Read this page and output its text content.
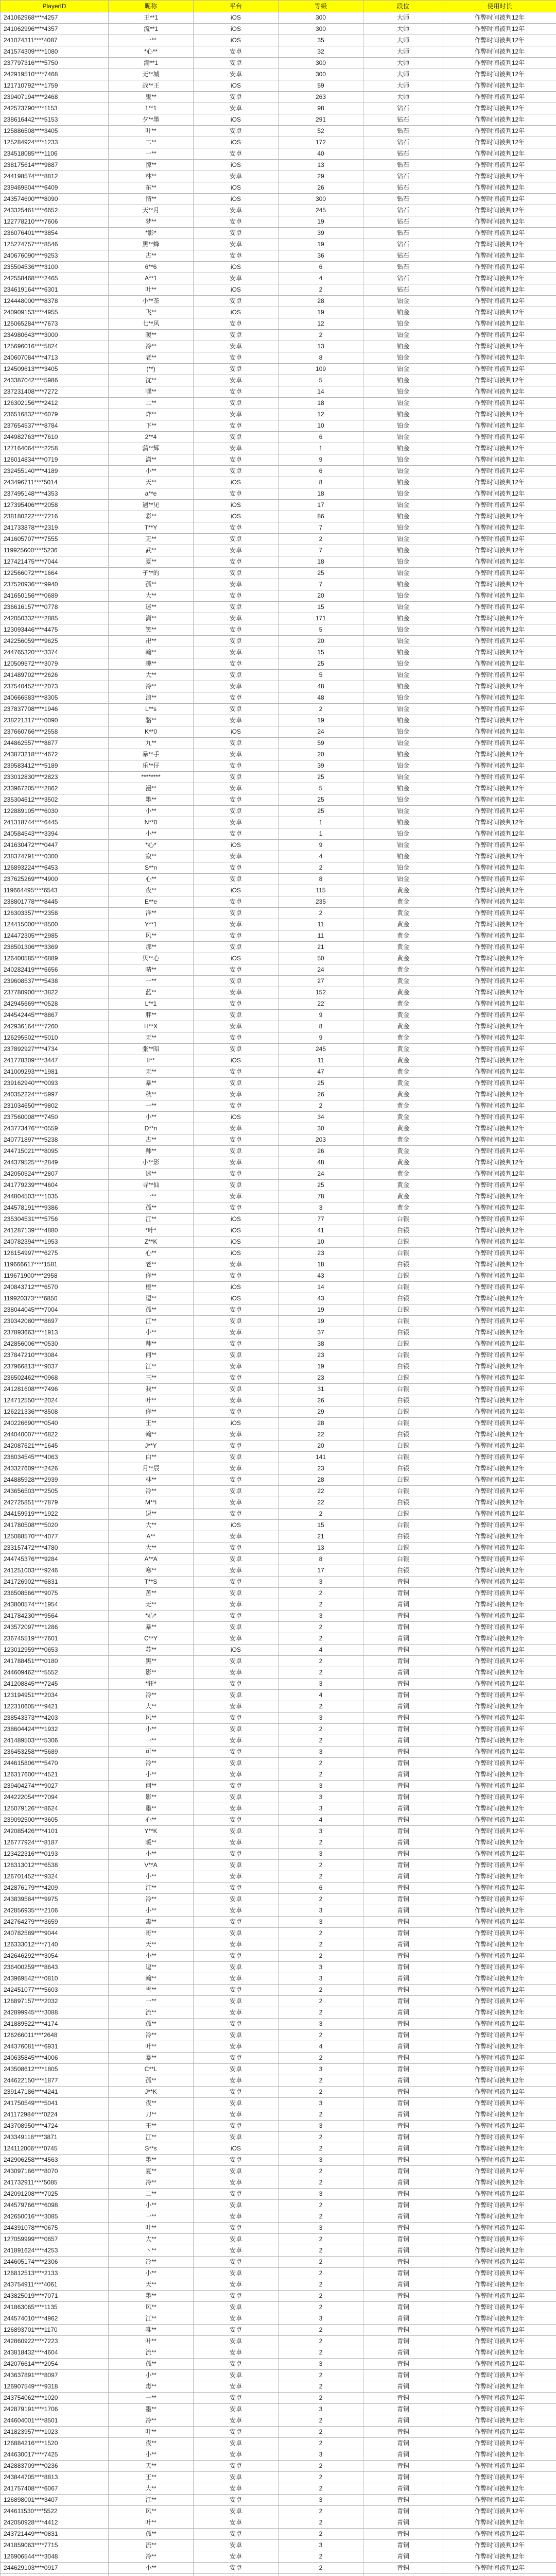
PlayerID	昵称	平台	等级	段位	使用时长
241062968****4257	王**1	iOS	300	大师	作弊时间被判12年
241062996****4357	流**1	iOS	300	大师	作弊时间被判12年
241074311****4087	一**	iOS	35	大师	作弊时间被判12年
241574309****1080	*心**	安卓	32	大师	作弊时间被判12年
237797316****5750	满**1	安卓	300	大师	作弊时间被判12年
242919510****7468	无**城	安卓	300	大师	作弊时间被判12年
121710792****1759	战**王	iOS	59	大师	作弊时间被判12年
239407194****2468	鬼**	安卓	263	大师	作弊时间被判12年
242573790****1153	1**1	安卓	98	钻石	作弊时间被判12年
238616442****5153	夕**墨	iOS	291	钻石	作弊时间被判12年
125886508****3405	叶**	安卓	52	钻石	作弊时间被判12年
125284924****1233	二**	iOS	172	钻石	作弊时间被判12年
234518085****1106	一**	安卓	40	钻石	作弊时间被判12年
238175614****9887	惊**	iOS	13	钻石	作弊时间被判12年
244198574****8812	林**	安卓	29	钻石	作弊时间被判12年
239469504****6409	东**	iOS	26	钻石	作弊时间被判12年
243574600****8090	情**	iOS	300	钻石	作弊时间被判12年
243325461****6652	天**月	安卓	245	钻石	作弊时间被判12年
122778210****7606	梦**	安卓	19	钻石	作弊时间被判12年
236076401****3854	*影*	安卓	39	钻石	作弊时间被判12年
125274757****8546	黑**蜂	安卓	19	钻石	作弊时间被判12年
240676090****9253	古**	安卓	36	钻石	作弊时间被判12年
235504536****3100	6**6	iOS	6	钻石	作弊时间被判12年
242558468****2465	A**1	安卓	4	钻石	作弊时间被判12年
234619164****6301	叶**	iOS	2	钻石	作弊时间被判12年
124448000****8378	小**茶	安卓	28	铂金	作弊时间被判12年
240909153****4955	飞**	iOS	19	铂金	作弊时间被判12年
125065284****7673	七**风	安卓	12	铂金	作弊时间被判12年
234980643****3000	暖**	安卓	2	铂金	作弊时间被判12年
125696016****5824	冷**	安卓	13	铂金	作弊时间被判12年
240607084****4713	老**	安卓	8	铂金	作弊时间被判12年
124509613****3405	(**)	安卓	109	铂金	作弊时间被判12年
243387042****5986	沈**	安卓	5	铂金	作弊时间被判12年
237231408****7272	嘿**	安卓	14	铂金	作弊时间被判12年
126302156****2412	二**	安卓	18	铂金	作弊时间被判12年
236516832****6079	炸**	安卓	12	铂金	作弊时间被判12年
237654537****8784	下**	安卓	10	铂金	作弊时间被判12年
244982763****7610	2**4	安卓	6	铂金	作弊时间被判12年
127164064****2258	蒲**辉	安卓	1	铂金	作弊时间被判12年
126014834****0719	潇**	安卓	9	铂金	作弊时间被判12年
232455140****4189	小**	安卓	6	铂金	作弊时间被判12年
243496711****5014	天**	iOS	8	铂金	作弊时间被判12年
237495148****4353	a**e	安卓	18	铂金	作弊时间被判12年
127395406****2058	遇**见	iOS	17	铂金	作弊时间被判12年
238180222****7216	彩**	iOS	86	铂金	作弊时间被判12年
241733878****2319	T**Y	安卓	7	铂金	作弊时间被判12年
241605707****7555	无**	安卓	2	铂金	作弊时间被判12年
119925600****5236	武**	安卓	7	铂金	作弊时间被判12年
127421475****7044	夏**	安卓	18	铂金	作弊时间被判12年
122566072****1664	孑**的	安卓	25	铂金	作弊时间被判12年
237520936****9940	孤**	安卓	7	铂金	作弊时间被判12年
241650156****0689	大**	安卓	20	铂金	作弊时间被判12年
236616157****0778	迷**	安卓	15	铂金	作弊时间被判12年
242050332****2885	潇**	安卓	171	铂金	作弊时间被判12年
123093446****4475	笑**	安卓	5	铂金	作弊时间被判12年
242256059****9625	卍**	安卓	20	铂金	作弊时间被判12年
244765320****3374	翰**	安卓	15	铂金	作弊时间被判12年
120509572****3079	趣**	安卓	25	铂金	作弊时间被判12年
241489702****2626	大**	安卓	5	铂金	作弊时间被判12年
237540452****2073	冷**	安卓	48	铂金	作弊时间被判12年
240666583****8305	浪**	安卓	48	铂金	作弊时间被判12年
237837708****1946	L**s	安卓	2	铂金	作弊时间被判12年
238221317****0090	骆**	安卓	19	铂金	作弊时间被判12年
237660766****2558	K**0	iOS	24	铂金	作弊时间被判12年
244862557****8877	九**	安卓	59	铂金	作弊时间被判12年
243873218****4672	暴**手	安卓	20	铂金	作弊时间被判12年
239583412****5189	乐**仔	安卓	39	铂金	作弊时间被判12年
233012830****2823	********	安卓	25	铂金	作弊时间被判12年
233967205****2862	漫**	安卓	5	铂金	作弊时间被判12年
235304612****3502	墨**	安卓	25	铂金	作弊时间被判12年
122889105****6030	小**	安卓	25	铂金	作弊时间被判12年
241318744****6445	N**0	安卓	1	铂金	作弊时间被判12年
240584543****3394	小**	安卓	1	铂金	作弊时间被判12年
241630472****0447	*心*	iOS	9	铂金	作弊时间被判12年
238374791****0300	寂**	安卓	4	铂金	作弊时间被判12年
126893224****6453	S**n	安卓	2	铂金	作弊时间被判12年
237625269****4900	心**	安卓	8	铂金	作弊时间被判12年
119664495****6543	夜**	iOS	115	黄金	作弊时间被判12年
238801778****8445	E**e	安卓	235	黄金	作弊时间被判12年
126303357****2358	洋**	安卓	2	黄金	作弊时间被判12年
124415000****8500	Y**1	安卓	11	黄金	作弊时间被判12年
124472305****2985	风**	安卓	11	黄金	作弊时间被判12年
238501306****3369	那**	安卓	21	黄金	作弊时间被判12年
126400585****6889	贝**心	iOS	50	黄金	作弊时间被判12年
240282419****6656	晴**	安卓	24	黄金	作弊时间被判12年
239608537****5438	一**	安卓	27	黄金	作弊时间被判12年
237780900****3822	蓝**	安卓	152	黄金	作弊时间被判12年
242945669****0528	L**1	安卓	22	黄金	作弊时间被判12年
244542445****8867	胖**	安卓	9	黄金	作弊时间被判12年
242936164****7260	H**X	安卓	8	黄金	作弊时间被判12年
126295502****5010	无**	安卓	9	黄金	作弊时间被判12年
237892927****4734	张**昭	安卓	245	黄金	作弊时间被判12年
241778309****3447	Ⅱ**	iOS	11	黄金	作弊时间被判12年
241009293****1981	无**	安卓	47	黄金	作弊时间被判12年
239162940****0093	暴**	安卓	25	黄金	作弊时间被判12年
240352224****5997	秋**	安卓	26	黄金	作弊时间被判12年
231034650****9802	一**	安卓	2	黄金	作弊时间被判12年
237560008****7450	小**	iOS	34	黄金	作弊时间被判12年
243773476****0559	D**n	安卓	30	黄金	作弊时间被判12年
240771897****5238	古**	安卓	203	黄金	作弊时间被判12年
244715021****8095	帅**	安卓	26	黄金	作弊时间被判12年
244379525****2849	小**影	安卓	48	黄金	作弊时间被判12年
242050524****2807	迷**	安卓	24	黄金	作弊时间被判12年
241779239****4604	寻**仙	安卓	25	黄金	作弊时间被判12年
244804503****1035	一**	安卓	78	黄金	作弊时间被判12年
244578191****9386	孤**	安卓	3	黄金	作弊时间被判12年
235304531****5756	江**	iOS	77	白银	作弊时间被判12年
241287139****4880	*叶*	iOS	41	白银	作弊时间被判12年
240782394****1953	Z**K	iOS	10	白银	作弊时间被判12年
126154997****6275	心**	iOS	23	白银	作弊时间被判12年
119666617****1581	老**	安卓	18	白银	作弊时间被判12年
119671900****2958	你**	安卓	43	白银	作弊时间被判12年
240843712****6570	橙**	iOS	14	白银	作弊时间被判12年
119920373****6850	逗**	iOS	43	白银	作弊时间被判12年
238044045****7004	孤**	安卓	19	白银	作弊时间被判12年
239342080****8697	江**	安卓	19	白银	作弊时间被判12年
237893663****1913	小**	安卓	37	白银	作弊时间被判12年
242856006****0530	帅**	安卓	38	白银	作弊时间被判12年
237847210****3084	何**	安卓	23	白银	作弊时间被判12年
237966813****9037	江**	安卓	19	白银	作弊时间被判12年
236502462****0968	三**	安卓	23	白银	作弊时间被判12年
241281608****7496	我**	安卓	31	白银	作弊时间被判12年
124712550****2024	叶**	安卓	26	白银	作弊时间被判12年
126221336****8508	你**	安卓	29	白银	作弊时间被判12年
240226690****0540	王**	iOS	28	白银	作弊时间被判12年
244040007****6822	翰**	安卓	22	白银	作弊时间被判12年
242087621****1645	J**Y	安卓	20	白银	作弊时间被判12年
238034545****4063	白**	安卓	141	白银	作弊时间被判12年
243327609****2426	月**辰	安卓	23	白银	作弊时间被判12年
244885928****2939	林**	安卓	28	白银	作弊时间被判12年
243656503****2505	冷**	安卓	22	白银	作弊时间被判12年
242725851****7879	M**l	安卓	22	白银	作弊时间被判12年
244159919****1922	逗**	安卓	2	白银	作弊时间被判12年
241780508****5020	大**	iOS	15	白银	作弊时间被判12年
125088570****4077	A**	安卓	21	白银	作弊时间被判12年
233157472****4780	大**	安卓	13	白银	作弊时间被判12年
244745376****9284	A**A	安卓	8	白银	作弊时间被判12年
241251003****9246	寒**	安卓	17	白银	作弊时间被判12年
241726902****6831	T**S	安卓	3	青铜	作弊时间被判12年
236508566****9075	苦**	安卓	2	青铜	作弊时间被判12年
243800574****1954	无**	安卓	2	青铜	作弊时间被判12年
241784230****9564	*心*	安卓	3	青铜	作弊时间被判12年
243572097****1286	暴**	安卓	2	青铜	作弊时间被判12年
236745519****7601	C**Y	安卓	2	青铜	作弊时间被判12年
123012959****0653	苏**	iOS	4	青铜	作弊时间被判12年
241788451****0180	黑**	安卓	2	青铜	作弊时间被判12年
244609462****5552	影**	安卓	2	青铜	作弊时间被判12年
241208845****7245	*狂*	安卓	3	青铜	作弊时间被判12年
123194951****2034	冷**	安卓	4	青铜	作弊时间被判12年
122310605****9421	大**	安卓	2	青铜	作弊时间被判12年
238543373****4203	风**	安卓	3	青铜	作弊时间被判12年
238604424****1932	小**	安卓	2	青铜	作弊时间被判12年
241489503****5306	一**	安卓	2	青铜	作弊时间被判12年
236453258****5689	可**	安卓	3	青铜	作弊时间被判12年
244615806****5470	冷**	安卓	2	青铜	作弊时间被判12年
126317600****4521	小**	安卓	2	青铜	作弊时间被判12年
239404274****9027	何**	安卓	3	青铜	作弊时间被判12年
244222054****7094	影**	安卓	3	青铜	作弊时间被判12年
125079126****8624	墨**	安卓	3	青铜	作弊时间被判12年
239092500****3605	心**	安卓	4	青铜	作弊时间被判12年
242085426****4101	Y**K	安卓	3	青铜	作弊时间被判12年
126777924****8187	暖**	安卓	2	青铜	作弊时间被判12年
123422316****0193	小**	安卓	3	青铜	作弊时间被判12年
126313012****6538	V**A	安卓	2	青铜	作弊时间被判12年
126701452****9324	小**	安卓	2	青铜	作弊时间被判12年
242876179****4209	江**	安卓	6	青铜	作弊时间被判12年
243839584****9975	冷**	安卓	2	青铜	作弊时间被判12年
242856935****2106	小**	安卓	3	青铜	作弊时间被判12年
242764279****3659	毒**	安卓	3	青铜	作弊时间被判12年
240782589****9044	哥**	安卓	2	青铜	作弊时间被判12年
126333012****7140	天**	安卓	2	青铜	作弊时间被判12年
242646292****3054	小**	安卓	2	青铜	作弊时间被判12年
236400259****8643	逗**	安卓	3	青铜	作弊时间被判12年
243969542****0810	翰**	安卓	3	青铜	作弊时间被判12年
242451077****5603	雪**	安卓	2	青铜	作弊时间被判12年
126897157****2032	一**	安卓	2	青铜	作弊时间被判12年
242899945****3088	流**	安卓	2	青铜	作弊时间被判12年
241889522****4174	孤**	安卓	3	青铜	作弊时间被判12年
126266011****2648	冷**	安卓	2	青铜	作弊时间被判12年
244376081****6931	叶**	安卓	4	青铜	作弊时间被判12年
240635845****4006	暴**	安卓	2	青铜	作弊时间被判12年
243508612****1805	C**L	安卓	3	青铜	作弊时间被判12年
244622150****1877	孤**	安卓	2	青铜	作弊时间被判12年
239147186****4241	J**K	安卓	2	青铜	作弊时间被判12年
241750549****5041	夜**	安卓	3	青铜	作弊时间被判12年
241172984****0224	刀**	安卓	2	青铜	作弊时间被判12年
243708950****4724	王**	安卓	3	青铜	作弊时间被判12年
243349116****3871	江**	安卓	2	青铜	作弊时间被判12年
124112006****0745	S**s	iOS	2	青铜	作弊时间被判12年
242906258****4563	墨**	安卓	3	青铜	作弊时间被判12年
243097166****8070	夏**	安卓	2	青铜	作弊时间被判12年
241732911****5085	冷**	安卓	2	青铜	作弊时间被判12年
242091208****7025	二**	安卓	3	青铜	作弊时间被判12年
244579766****6098	小**	安卓	2	青铜	作弊时间被判12年
242650016****3085	一**	安卓	2	青铜	作弊时间被判12年
244391078****0675	叶**	安卓	3	青铜	作弊时间被判12年
127059999****0657	大**	安卓	2	青铜	作弊时间被判12年
241891624****4253	丶**	安卓	2	青铜	作弊时间被判12年
244605174****2306	冷**	安卓	2	青铜	作弊时间被判12年
126812513****2133	小**	安卓	2	青铜	作弊时间被判12年
243754911****4061	天**	安卓	2	青铜	作弊时间被判12年
243825019****7071	墨**	安卓	2	青铜	作弊时间被判12年
241863065****1135	风**	安卓	2	青铜	作弊时间被判12年
244574010****4962	江**	安卓	3	青铜	作弊时间被判12年
126893701****1170	唯**	安卓	2	青铜	作弊时间被判12年
242860922****7223	叶**	安卓	2	青铜	作弊时间被判12年
243818432****4604	流**	安卓	2	青铜	作弊时间被判12年
242076614****2054	孤**	安卓	3	青铜	作弊时间被判12年
243637891****8097	小**	安卓	2	青铜	作弊时间被判12年
126907549****9318	毒**	安卓	2	青铜	作弊时间被判12年
243754062****1020	一**	安卓	2	青铜	作弊时间被判12年
242879191****1706	墨**	安卓	3	青铜	作弊时间被判12年
244604001****8501	冷**	安卓	2	青铜	作弊时间被判12年
241823957****1023	叶**	安卓	2	青铜	作弊时间被判12年
126884216****1520	夜**	安卓	2	青铜	作弊时间被判12年
244630017****7425	小**	安卓	3	青铜	作弊时间被判12年
242883709****0236	天**	安卓	2	青铜	作弊时间被判12年
243844705****8813	王**	安卓	2	青铜	作弊时间被判12年
241757408****6067	大**	安卓	2	青铜	作弊时间被判12年
126898001****3407	江**	安卓	3	青铜	作弊时间被判12年
244611530****5522	风**	安卓	2	青铜	作弊时间被判12年
242050928****4412	叶**	安卓	2	青铜	作弊时间被判12年
243721449****0831	孤**	安卓	2	青铜	作弊时间被判12年
241859063****7715	流**	安卓	3	青铜	作弊时间被判12年
126906544****3048	冷**	安卓	2	青铜	作弊时间被判12年
244629103****0917	小**	安卓	2	青铜	作弊时间被判12年
